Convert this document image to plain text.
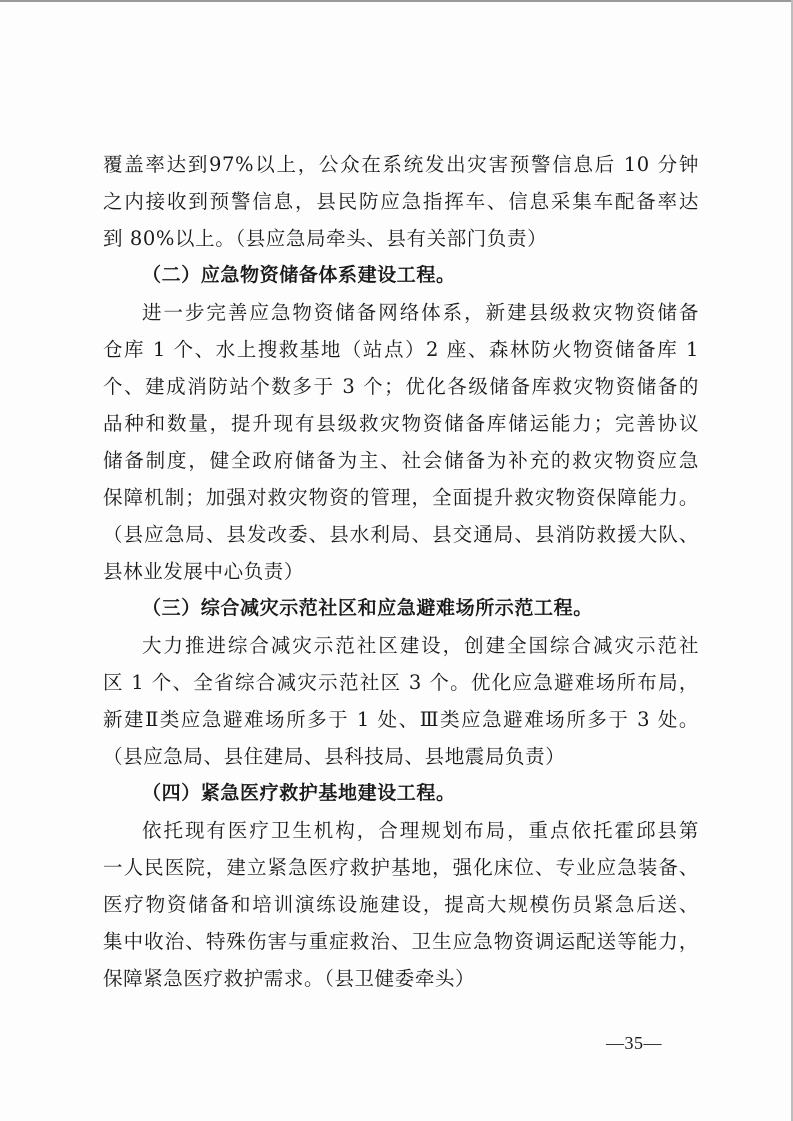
覆盖率达到97%以上，公众在系统发出灾害预警信息后 10 分钟
之内接收到预警信息，县民防应急指挥车、信息采集车配备率达
到 80%以上。（县应急局牵头、县有关部门负责）
（二）应急物资储备体系建设工程。
进一步完善应急物资储备网络体系，新建县级救灾物资储备
仓库 1 个、水上搜救基地（站点）2 座、森林防火物资储备库 1
个、建成消防站个数多于 3 个；优化各级储备库救灾物资储备的
品种和数量，提升现有县级救灾物资储备库储运能力；完善协议
储备制度，健全政府储备为主、社会储备为补充的救灾物资应急
保障机制；加强对救灾物资的管理，全面提升救灾物资保障能力。
（县应急局、县发改委、县水利局、县交通局、县消防救援大队、
县林业发展中心负责）
（三）综合减灾示范社区和应急避难场所示范工程。
大力推进综合减灾示范社区建设，创建全国综合减灾示范社
区 1 个、全省综合减灾示范社区 3 个。优化应急避难场所布局，
新建Ⅱ类应急避难场所多于 1 处、Ⅲ类应急避难场所多于 3 处。
（县应急局、县住建局、县科技局、县地震局负责）
（四）紧急医疗救护基地建设工程。
依托现有医疗卫生机构，合理规划布局，重点依托霍邱县第
一人民医院，建立紧急医疗救护基地，强化床位、专业应急装备、
医疗物资储备和培训演练设施建设，提高大规模伤员紧急后送、
集中收治、特殊伤害与重症救治、卫生应急物资调运配送等能力，
保障紧急医疗救护需求。（县卫健委牵头）
—35—
